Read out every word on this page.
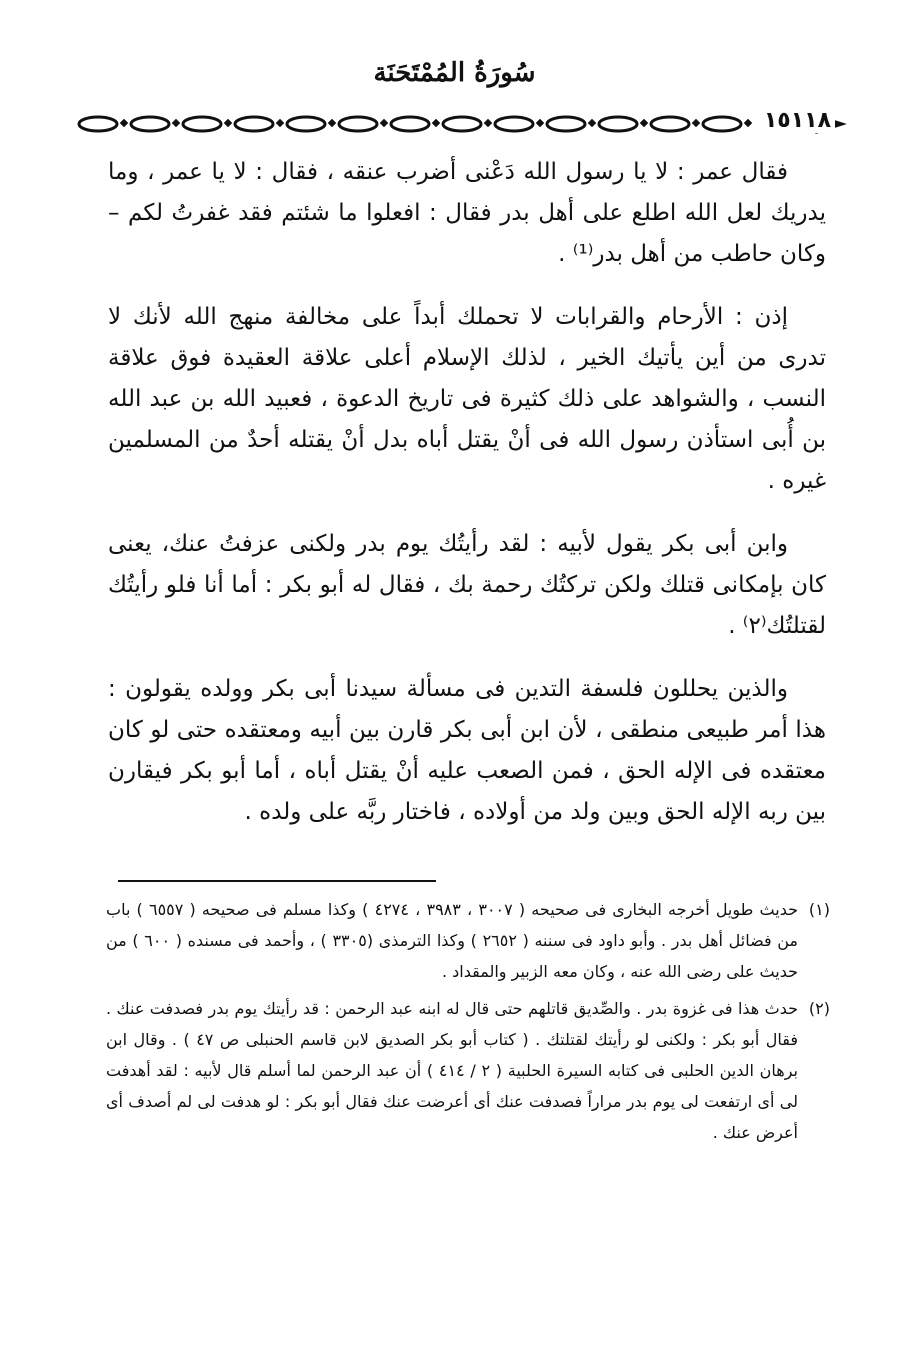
سُورَةُ المُمْتَحَنَة
١٥١١٨

فقال عمر : لا يا رسول الله دَعْنى أضرب عنقه ، فقال : لا يا عمر ، وما يدريك لعل الله اطلع على أهل بدر فقال : افعلوا ما شئتم فقد غفرتُ لكم – وكان حاطب من أهل بدر⁽¹⁾ .

إذن : الأرحام والقرابات لا تحملك أبداً على مخالفة منهج الله لأنك لا تدرى من أين يأتيك الخير ، لذلك الإسلام أعلى علاقة العقيدة فوق علاقة النسب ، والشواهد على ذلك كثيرة فى تاريخ الدعوة ، فعبيد الله بن عبد الله بن أُبى استأذن رسول الله فى أنْ يقتل أباه بدل أنْ يقتله أحدٌ من المسلمين غيره .

وابن أبى بكر يقول لأبيه : لقد رأيتُك يوم بدر ولكنى عزفتُ عنك، يعنى كان بإمكانى قتلك ولكن تركتُك رحمة بك ، فقال له أبو بكر : أما أنا فلو رأيتُك لقتلتُك⁽٢⁾ .

والذين يحللون فلسفة التدين فى مسألة سيدنا أبى بكر وولده يقولون : هذا أمر طبيعى منطقى ، لأن ابن أبى بكر قارن بين أبيه ومعتقده حتى لو كان معتقده فى الإله الحق ، فمن الصعب عليه أنْ يقتل أباه ، أما أبو بكر فيقارن بين ربه الإله الحق وبين ولد من أولاده ، فاختار ربَّه على ولده .

(١)
حديث طويل أخرجه البخارى فى صحيحه ( ٣٠٠٧ ، ٣٩٨٣ ، ٤٢٧٤ ) وكذا مسلم فى صحيحه ( ٦٥٥٧ ) باب من فضائل أهل بدر . وأبو داود فى سننه ( ٢٦٥٢ ) وكذا الترمذى (٣٣٠٥ ) ، وأحمد فى مسنده ( ٦٠٠ ) من حديث على رضى الله عنه ، وكان معه الزبير والمقداد .
(٢)
حدث هذا فى غزوة بدر . والصِّديق قاتلهم حتى قال له ابنه عبد الرحمن : قد رأيتك يوم بدر فصدفت عنك . فقال أبو بكر : ولكنى لو رأيتك لقتلتك . ( كتاب أبو بكر الصديق لابن قاسم الحنبلى ص ٤٧ ) . وقال ابن برهان الدين الحلبى فى كتابه السيرة الحلبية ( ٢ / ٤١٤ ) أن عبد الرحمن لما أسلم قال لأبيه : لقد أهدفت لى أى ارتفعت لى يوم بدر مراراً فصدفت عنك أى أعرضت عنك فقال أبو بكر : لو هدفت لى لم أصدف أى أعرض عنك .
